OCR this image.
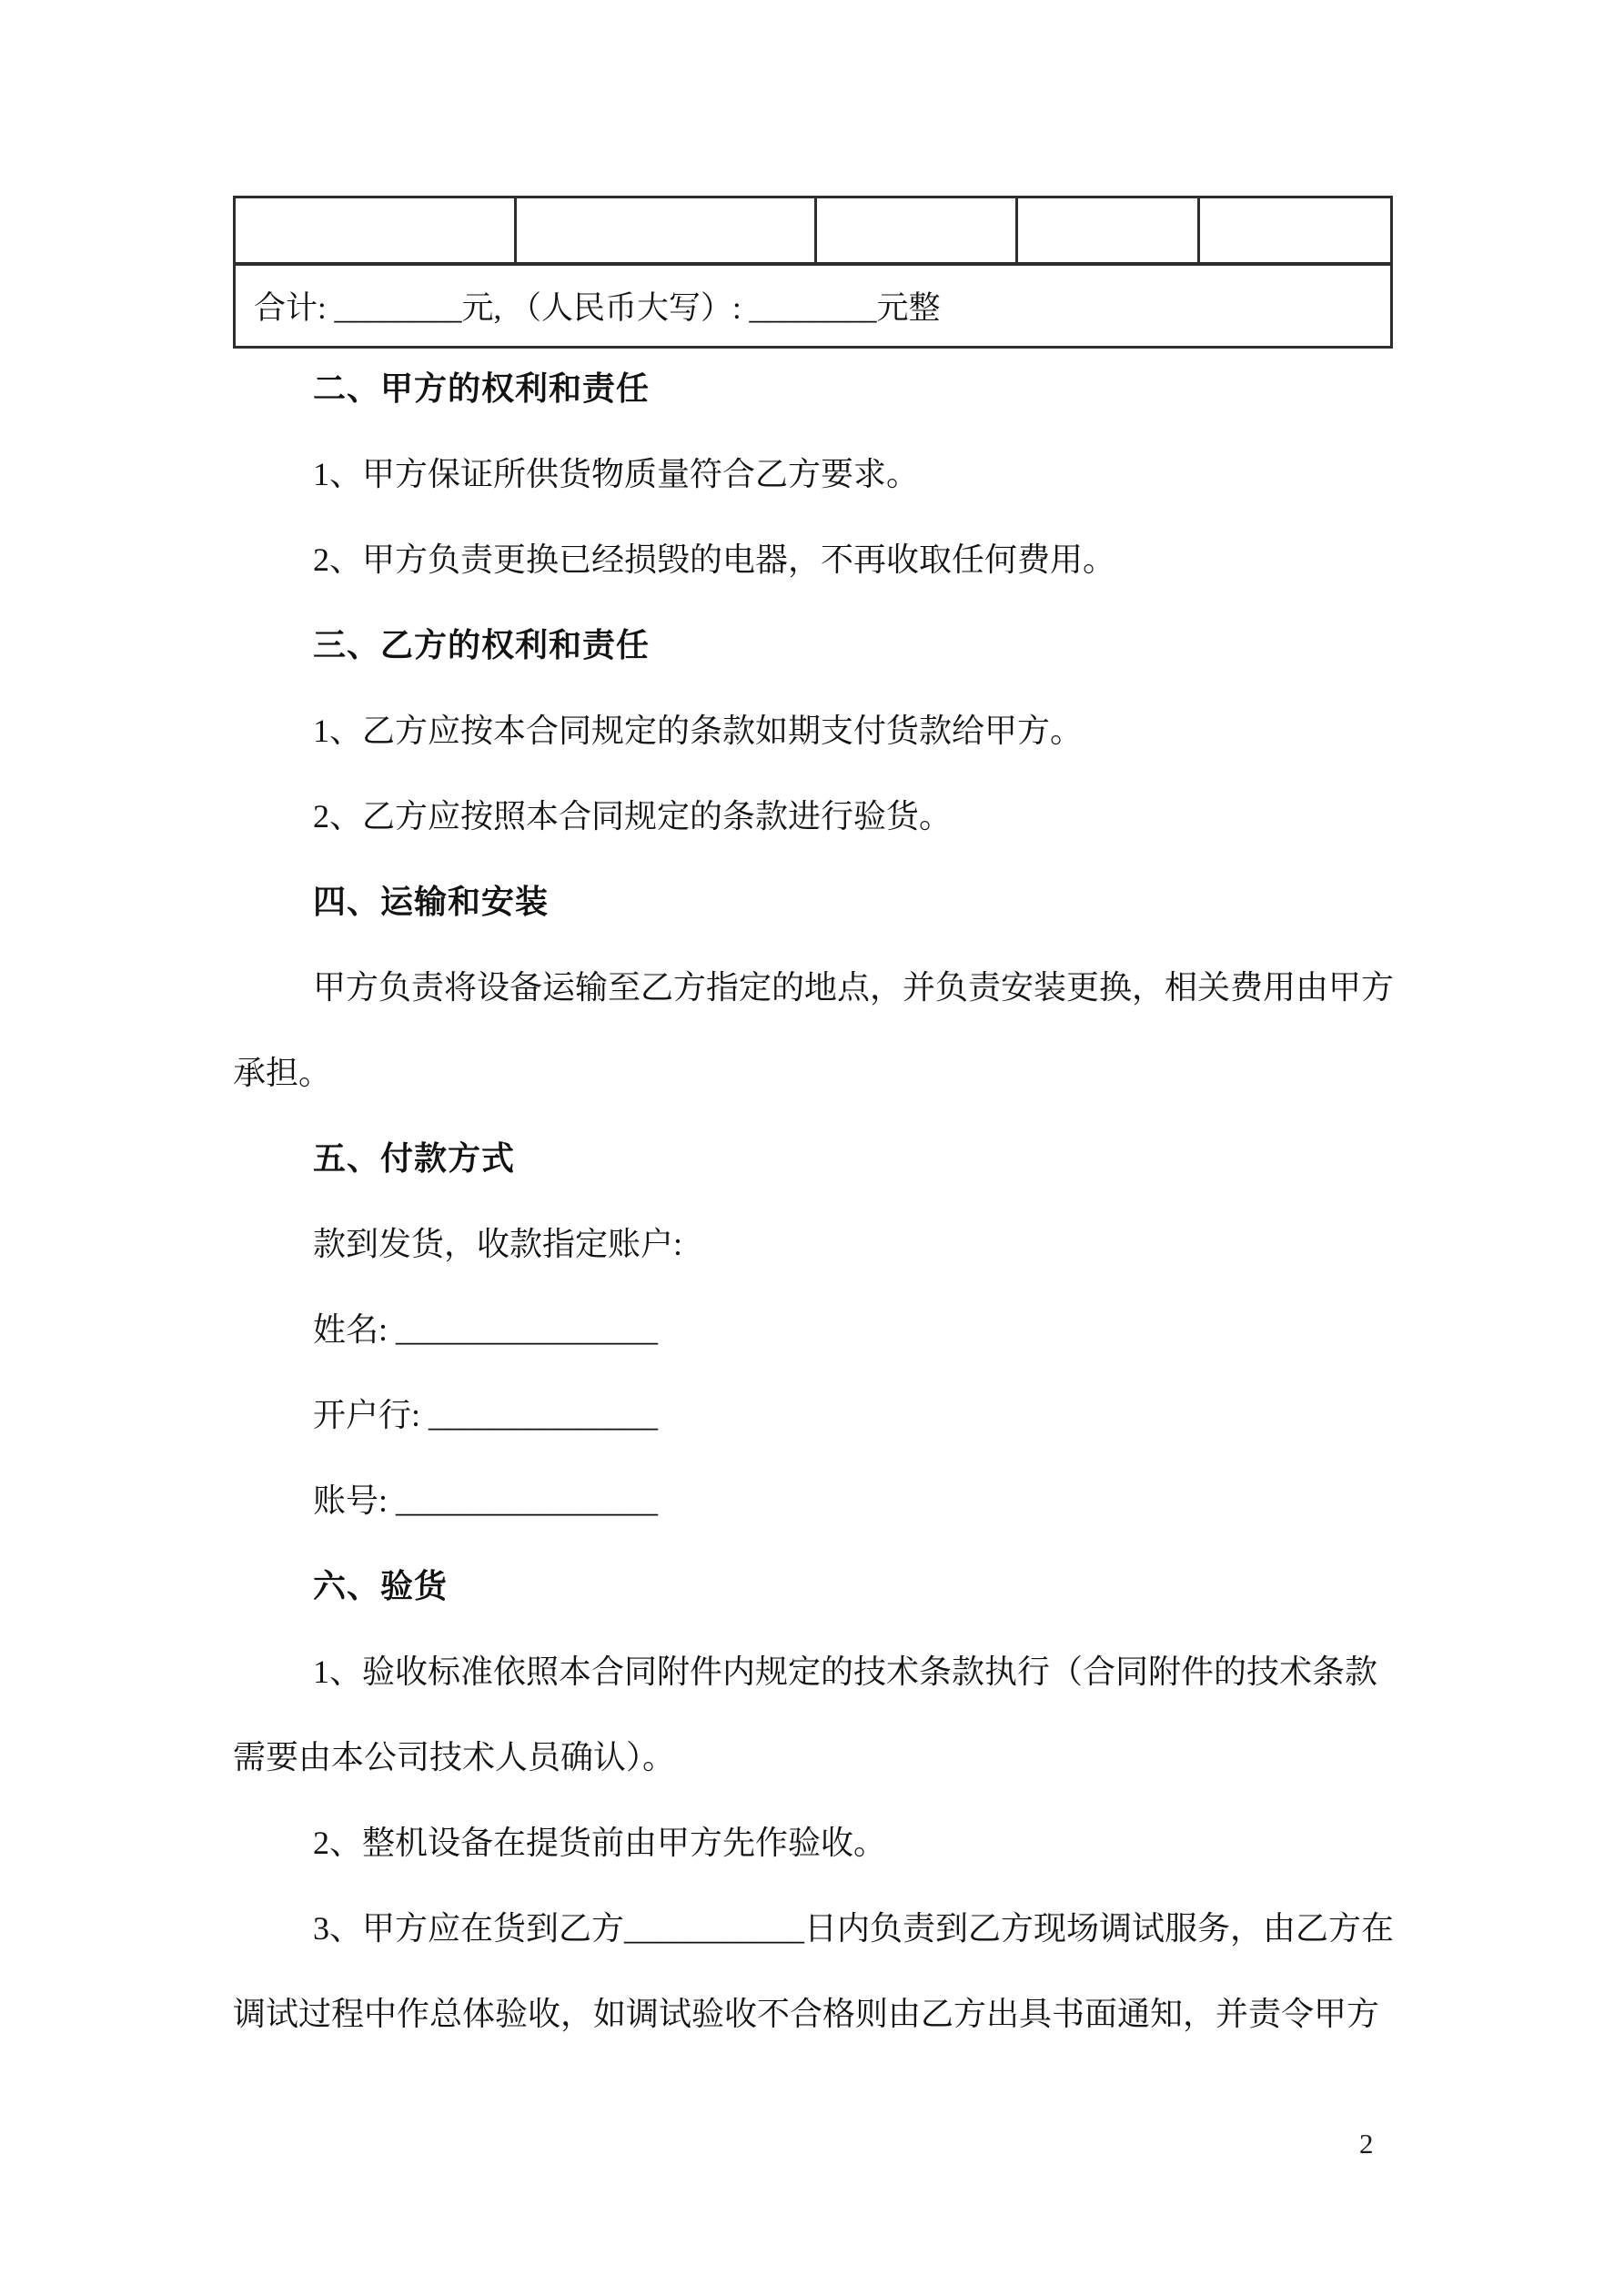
合计: ________元, （人民币大写）: ________元整
二、甲方的权利和责任
1、甲方保证所供货物质量符合乙方要求。
2、甲方负责更换已经损毁的电器，不再收取任何费用。
三、乙方的权利和责任
1、乙方应按本合同规定的条款如期支付货款给甲方。
2、乙方应按照本合同规定的条款进行验货。
四、运输和安装
甲方负责将设备运输至乙方指定的地点，并负责安装更换，相关费用由甲方
承担。
五、付款方式
款到发货，收款指定账户:
姓名: ________________
开户行: ______________
账号: ________________
六、验货
1、验收标准依照本合同附件内规定的技术条款执行（合同附件的技术条款
需要由本公司技术人员确认）。
2、整机设备在提货前由甲方先作验收。
3、甲方应在货到乙方___________日内负责到乙方现场调试服务，由乙方在
调试过程中作总体验收，如调试验收不合格则由乙方出具书面通知，并责令甲方
2
